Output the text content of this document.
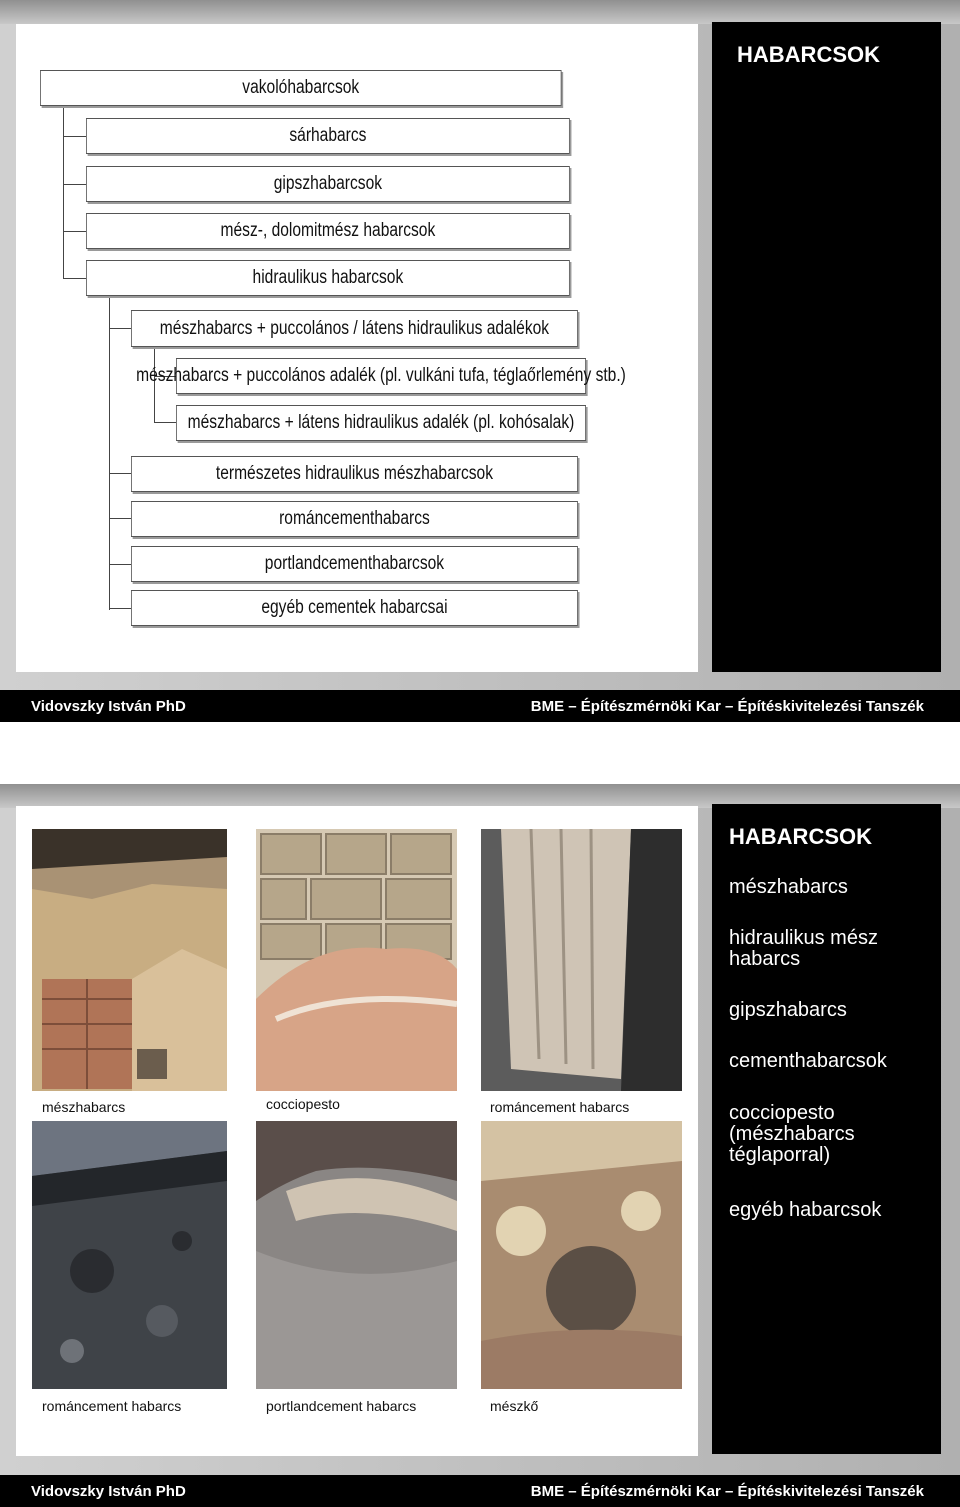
HABARCSOK
vakolóhabarcsok
sárhabarcs
gipszhabarcsok
mész-, dolomitmész habarcsok
hidraulikus habarcsok
mészhabarcs + puccolános / látens hidraulikus adalékok
mészhabarcs + puccolános adalék (pl. vulkáni tufa, téglaőrlemény stb.)
mészhabarcs + látens hidraulikus adalék (pl. kohósalak)
természetes hidraulikus mészhabarcsok
románcementhabarcs
portlandcementhabarcsok
egyéb cementek habarcsai
Vidovszky István PhD	BME – Építészmérnöki Kar – Építéskivitelezési Tanszék
HABARCSOK
mészhabarcs
hidraulikus mész habarcs
gipszhabarcs
cementhabarcsok
cocciopesto (mészhabarcs téglaporral)
egyéb habarcsok
mészhabarcs	cocciopesto	románcement habarcs
románcement habarcs	portlandcement habarcs	mészkő
Vidovszky István PhD	BME – Építészmérnöki Kar – Építéskivitelezési Tanszék
